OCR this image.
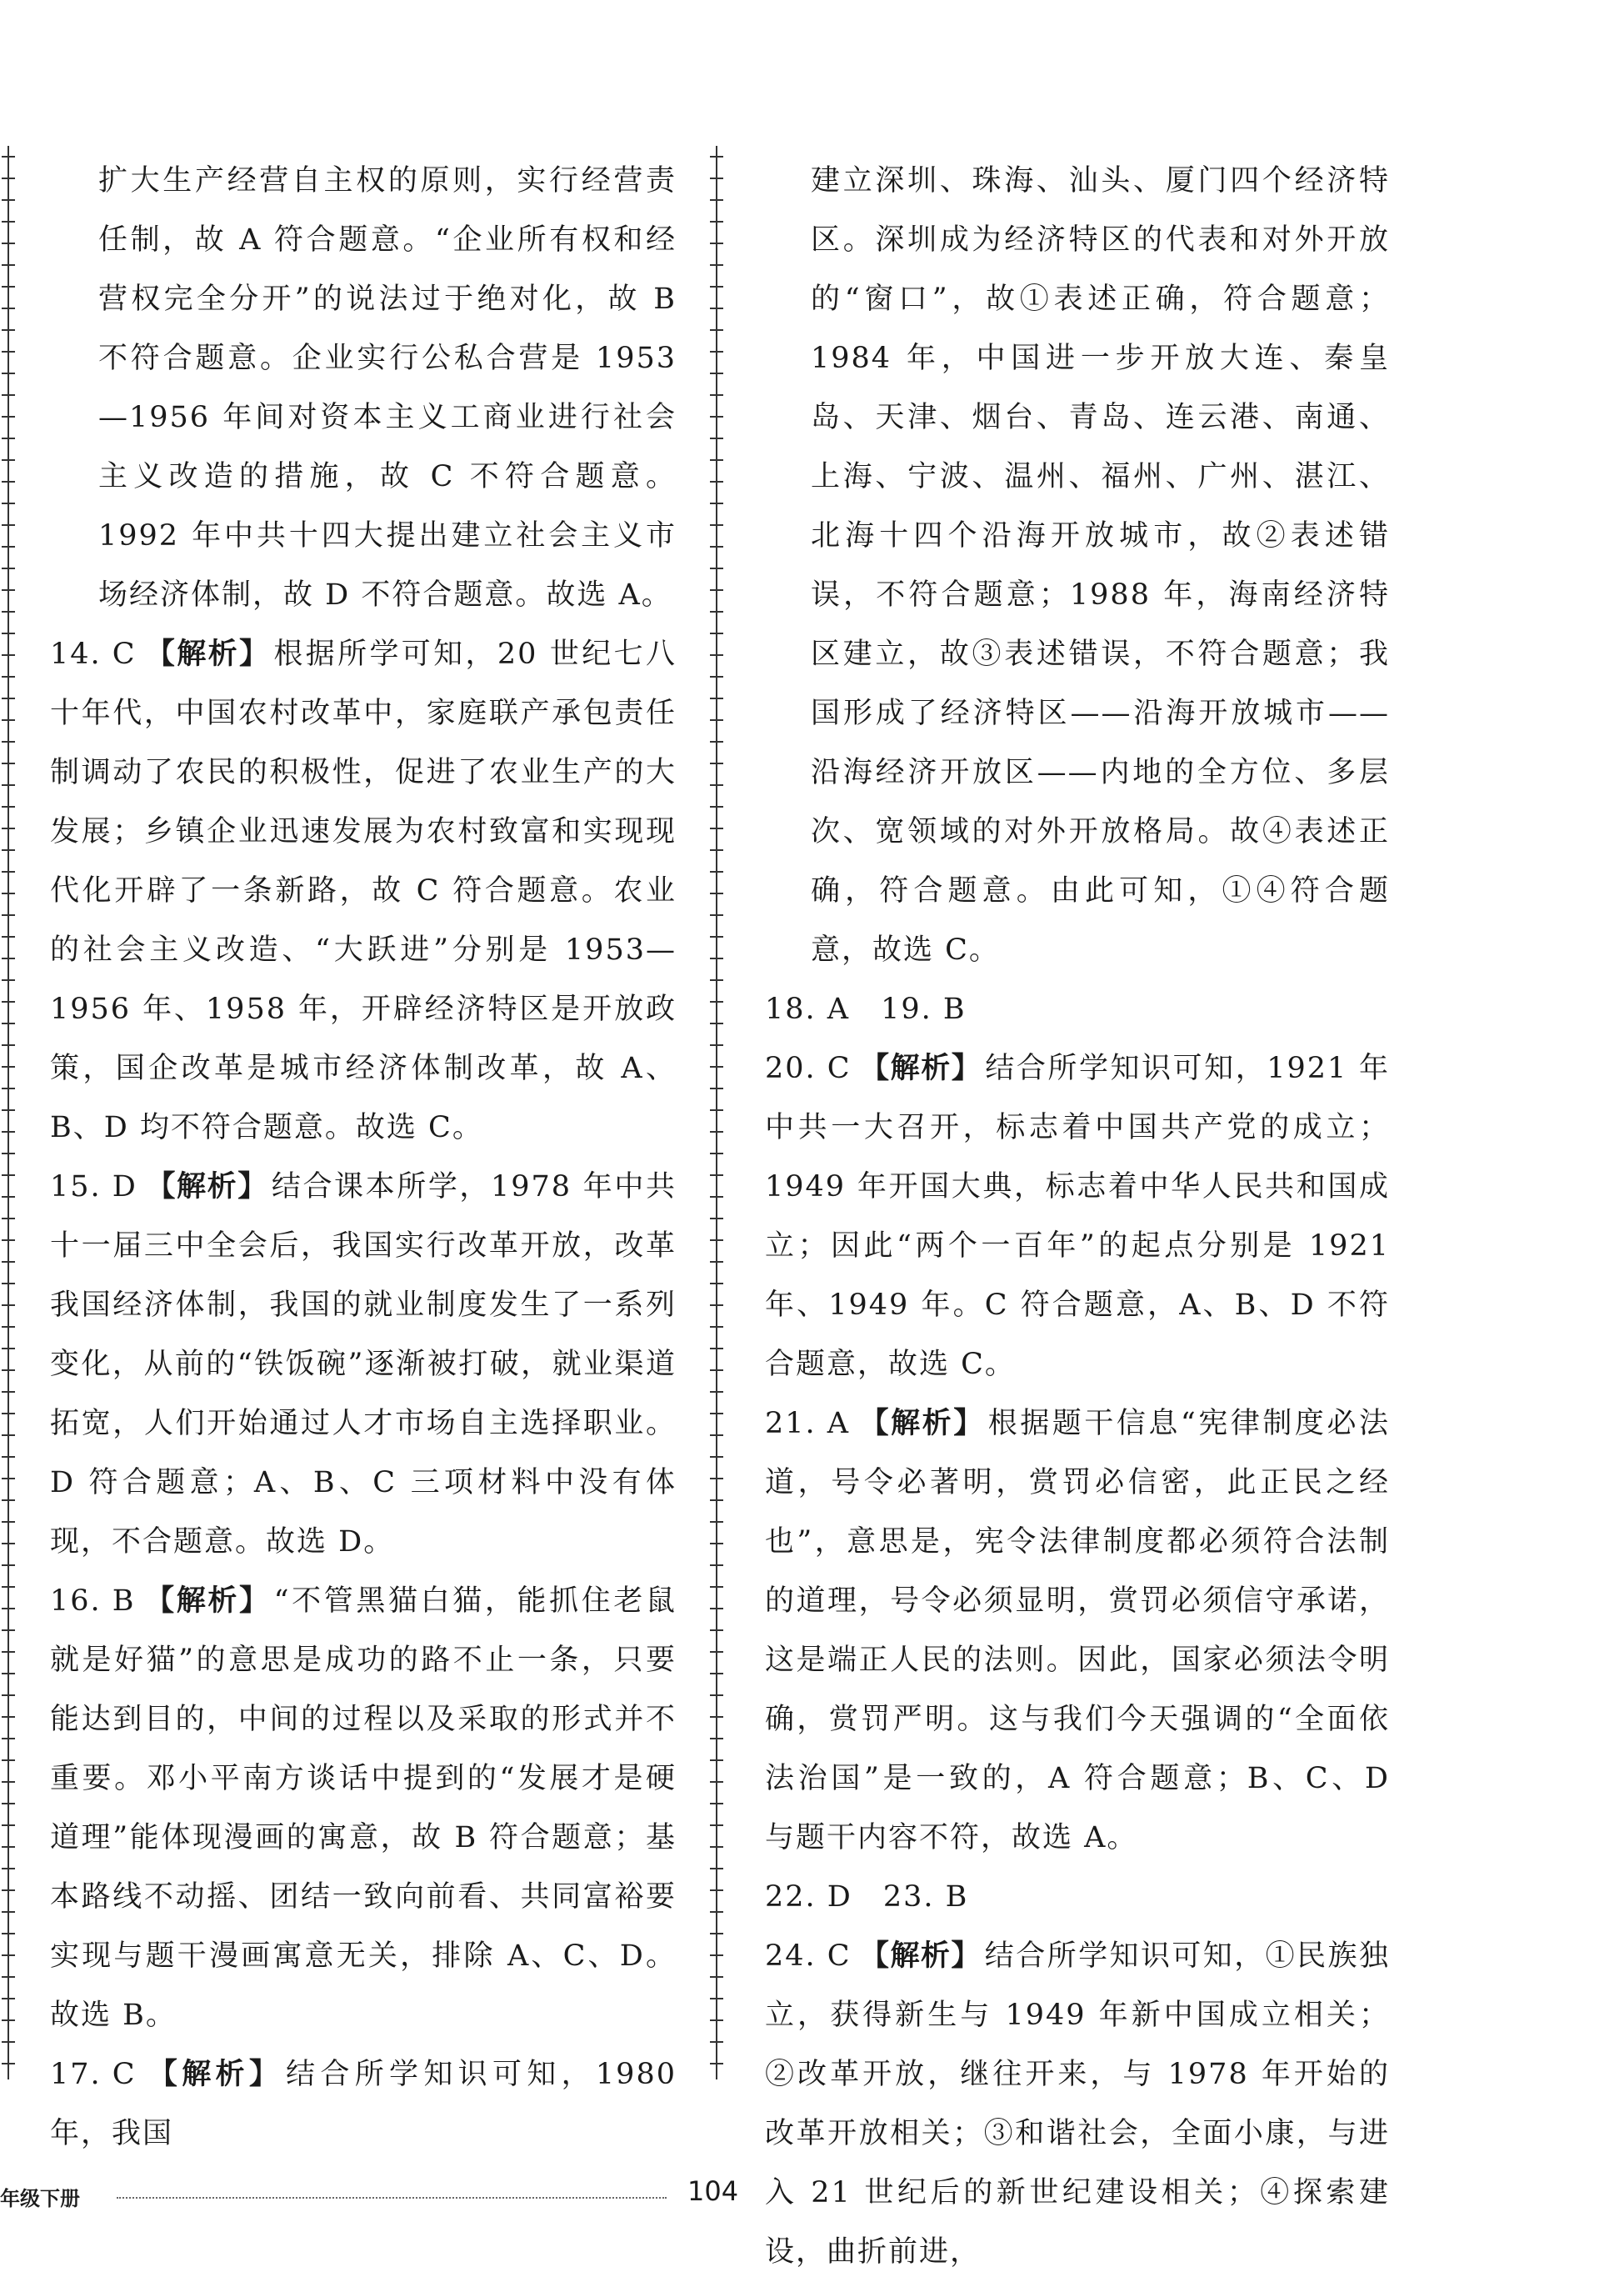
扩大生产经营自主权的原则，实行经营责任制，故 A 符合题意。“企业所有权和经营权完全分开”的说法过于绝对化，故 B 不符合题意。企业实行公私合营是 1953—1956 年间对资本主义工商业进行社会主义改造的措施，故 C 不符合题意。1992 年中共十四大提出建立社会主义市场经济体制，故 D 不符合题意。故选 A。

14. C 【解析】 根据所学可知，20 世纪七八十年代，中国农村改革中，家庭联产承包责任制调动了农民的积极性，促进了农业生产的大发展；乡镇企业迅速发展为农村致富和实现现代化开辟了一条新路，故 C 符合题意。农业的社会主义改造、“大跃进”分别是 1953—1956 年、1958 年，开辟经济特区是开放政策，国企改革是城市经济体制改革，故 A、B、D 均不符合题意。故选 C。
15. D 【解析】 结合课本所学，1978 年中共十一届三中全会后，我国实行改革开放，改革我国经济体制，我国的就业制度发生了一系列变化，从前的“铁饭碗”逐渐被打破，就业渠道拓宽，人们开始通过人才市场自主选择职业。D 符合题意；A、B、C 三项材料中没有体现，不合题意。故选 D。
16. B 【解析】 “不管黑猫白猫，能抓住老鼠就是好猫”的意思是成功的路不止一条，只要能达到目的，中间的过程以及采取的形式并不重要。邓小平南方谈话中提到的“发展才是硬道理”能体现漫画的寓意，故 B 符合题意；基本路线不动摇、团结一致向前看、共同富裕要实现与题干漫画寓意无关，排除 A、C、D。故选 B。
17. C 【解析】 结合所学知识可知，1980 年，我国

建立深圳、珠海、汕头、厦门四个经济特区。深圳成为经济特区的代表和对外开放的“窗口”，故①表述正确，符合题意；1984 年，中国进一步开放大连、秦皇岛、天津、烟台、青岛、连云港、南通、上海、宁波、温州、福州、广州、湛江、北海十四个沿海开放城市，故②表述错误，不符合题意；1988 年，海南经济特区建立，故③表述错误，不符合题意；我国形成了经济特区——沿海开放城市——沿海经济开放区——内地的全方位、多层次、宽领域的对外开放格局。故④表述正确，符合题意。由此可知，①④符合题意，故选 C。

18. A　19. B

20. C 【解析】 结合所学知识可知，1921 年中共一大召开，标志着中国共产党的成立；1949 年开国大典，标志着中华人民共和国成立；因此“两个一百年”的起点分别是 1921 年、1949 年。C 符合题意，A、B、D 不符合题意，故选 C。
21. A 【解析】 根据题干信息“宪律制度必法道，号令必著明，赏罚必信密，此正民之经也”，意思是，宪令法律制度都必须符合法制的道理，号令必须显明，赏罚必须信守承诺，这是端正人民的法则。因此，国家必须法令明确，赏罚严明。这与我们今天强调的“全面依法治国”是一致的，A 符合题意；B、C、D 与题干内容不符，故选 A。

22. D　23. B

24. C 【解析】 结合所学知识可知，①民族独立，获得新生与 1949 年新中国成立相关；②改革开放，继往开来，与 1978 年开始的改革开放相关；③和谐社会，全面小康，与进入 21 世纪后的新世纪建设相关；④探索建设，曲折前进，
年级下册	104
